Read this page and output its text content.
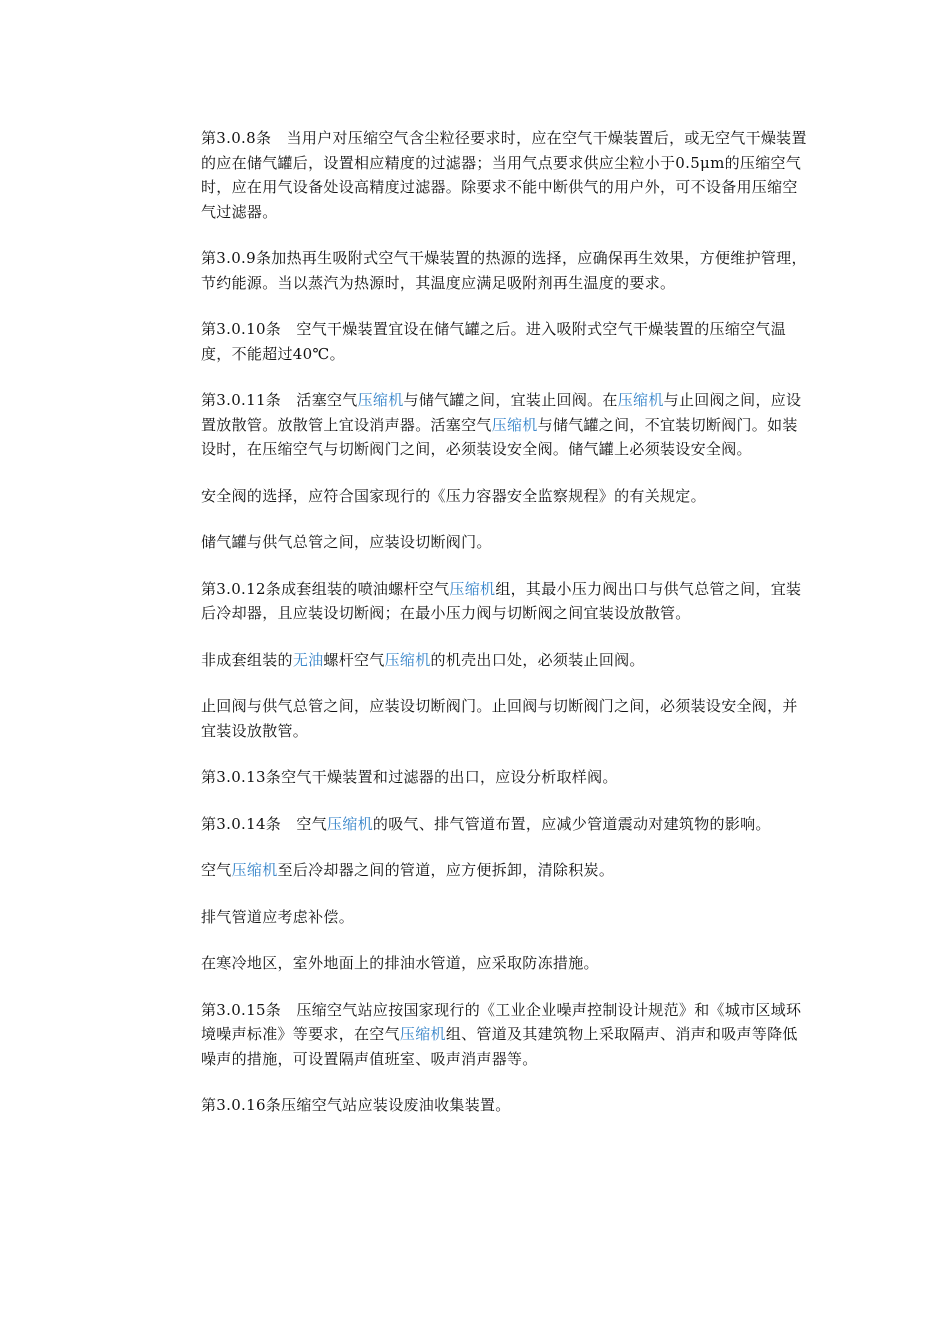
第3.0.8条　当用户对压缩空气含尘粒径要求时，应在空气干燥装置后，或无空气干燥装置的应在储气罐后，设置相应精度的过滤器；当用气点要求供应尘粒小于0.5μm的压缩空气时，应在用气设备处设高精度过滤器。除要求不能中断供气的用户外，可不设备用压缩空气过滤器。

第3.0.9条加热再生吸附式空气干燥装置的热源的选择，应确保再生效果，方便维护管理，节约能源。当以蒸汽为热源时，其温度应满足吸附剂再生温度的要求。

第3.0.10条　空气干燥装置宜设在储气罐之后。进入吸附式空气干燥装置的压缩空气温度，不能超过40℃。

第3.0.11条　活塞空气压缩机与储气罐之间，宜装止回阀。在压缩机与止回阀之间，应设置放散管。放散管上宜设消声器。活塞空气压缩机与储气罐之间，不宜装切断阀门。如装设时，在压缩空气与切断阀门之间，必须装设安全阀。储气罐上必须装设安全阀。

安全阀的选择，应符合国家现行的《压力容器安全监察规程》的有关规定。

储气罐与供气总管之间，应装设切断阀门。

第3.0.12条成套组装的喷油螺杆空气压缩机组，其最小压力阀出口与供气总管之间，宜装后冷却器，且应装设切断阀；在最小压力阀与切断阀之间宜装设放散管。

非成套组装的无油螺杆空气压缩机的机壳出口处，必须装止回阀。

止回阀与供气总管之间，应装设切断阀门。止回阀与切断阀门之间，必须装设安全阀，并宜装设放散管。

第3.0.13条空气干燥装置和过滤器的出口，应设分析取样阀。

第3.0.14条　空气压缩机的吸气、排气管道布置，应减少管道震动对建筑物的影响。

空气压缩机至后冷却器之间的管道，应方便拆卸，清除积炭。

排气管道应考虑补偿。

在寒冷地区，室外地面上的排油水管道，应采取防冻措施。

第3.0.15条　压缩空气站应按国家现行的《工业企业噪声控制设计规范》和《城市区域环境噪声标准》等要求，在空气压缩机组、管道及其建筑物上采取隔声、消声和吸声等降低噪声的措施，可设置隔声值班室、吸声消声器等。

第3.0.16条压缩空气站应装设废油收集装置。
